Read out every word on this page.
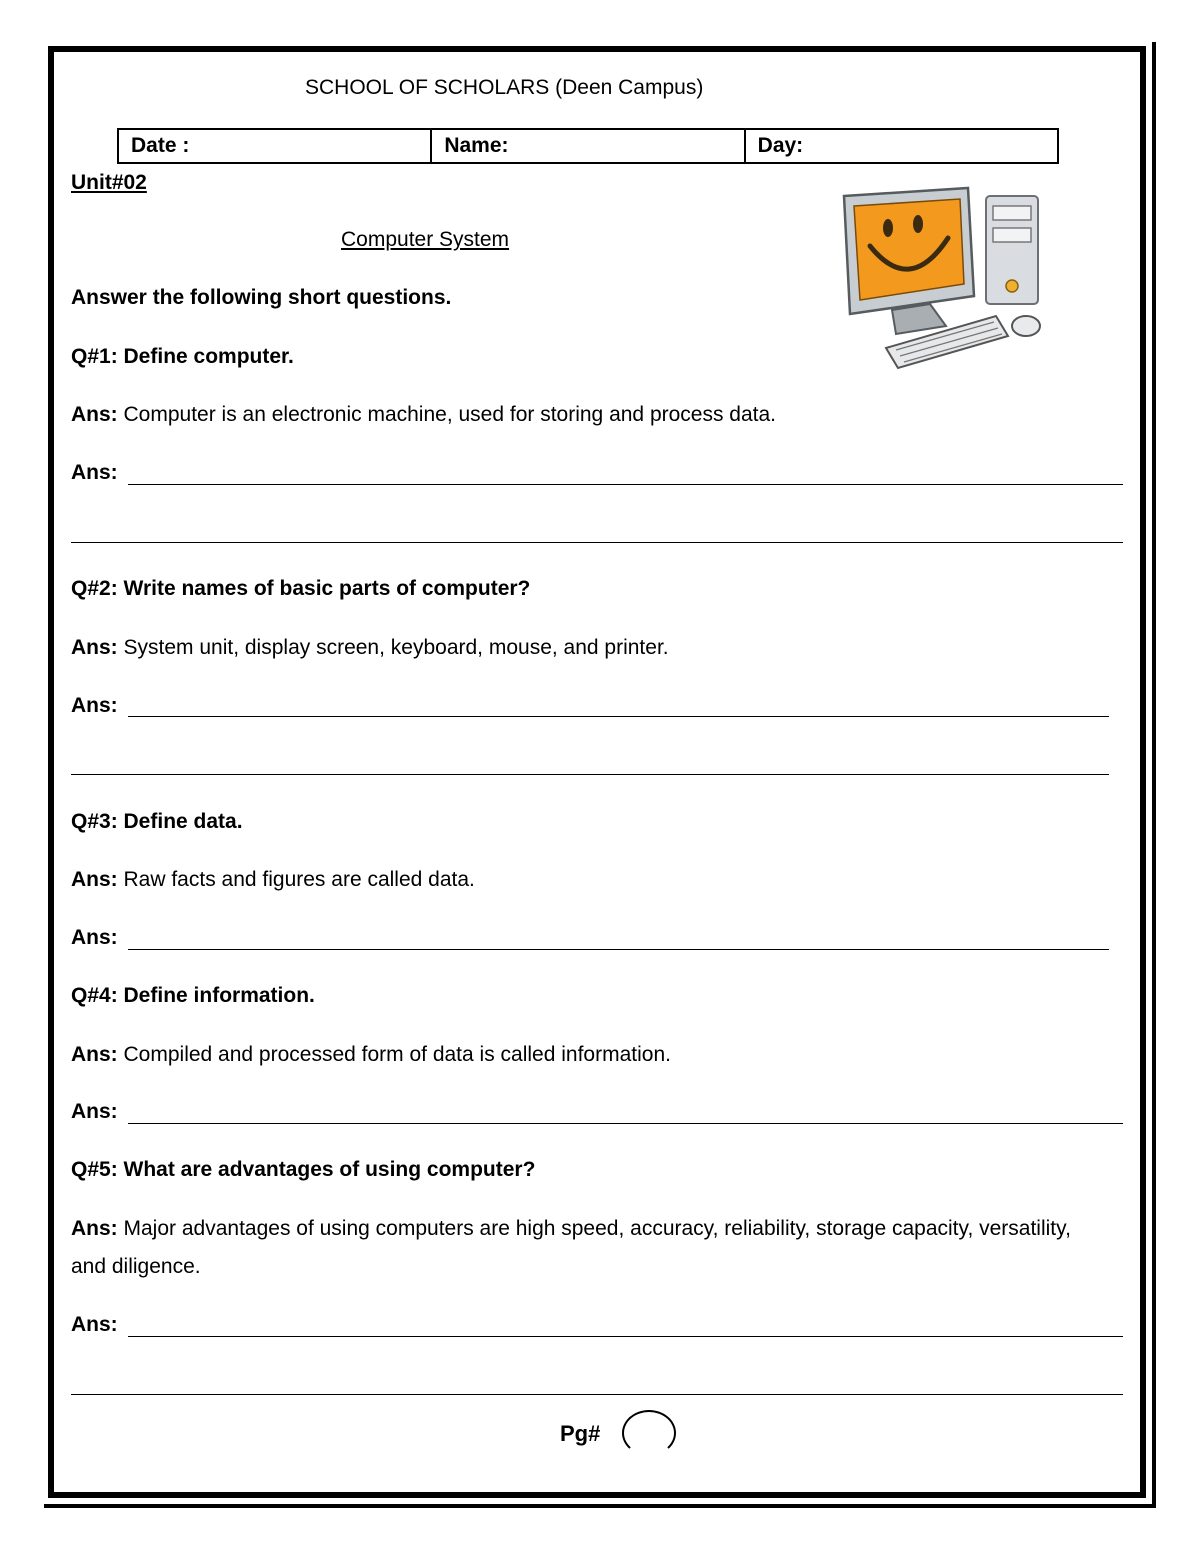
SCHOOL OF SCHOLARS (Deen Campus)
Date :	Name:	Day:
Unit#02
Computer System
Answer the following short questions.
Q#1: Define computer.
Ans: Computer is an electronic machine, used for storing and process data.
Ans:
Q#2: Write names of basic parts of computer?
Ans: System unit, display screen, keyboard, mouse, and printer.
Ans:
Q#3: Define data.
Ans: Raw facts and figures are called data.
Ans:
Q#4: Define information.
Ans: Compiled and processed form of data is called information.
Ans:
Q#5: What are advantages of using computer?
Ans: Major advantages of using computers are high speed, accuracy, reliability, storage capacity, versatility, and diligence.
Ans:
Pg#
